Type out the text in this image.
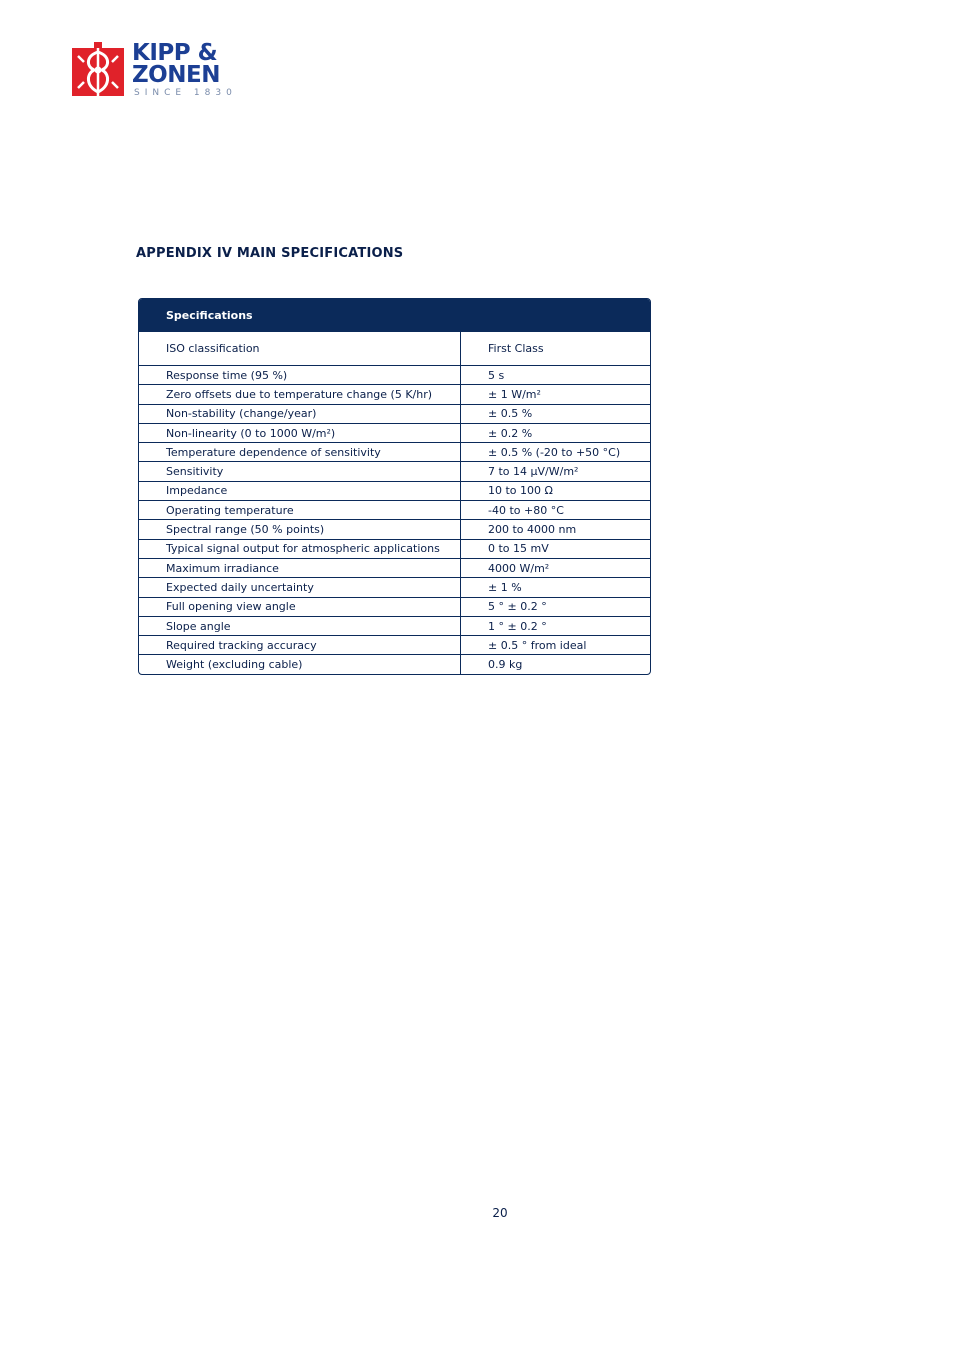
KIPP &
ZONEN
SINCE 1830
APPENDIX IV MAIN SPECIFICATIONS
Specifications
ISO classification	First Class
Response time (95 %)	5 s
Zero offsets due to temperature change (5 K/hr)	± 1 W/m²
Non-stability (change/year)	± 0.5 %
Non-linearity (0 to 1000 W/m²)	± 0.2 %
Temperature dependence of sensitivity	± 0.5 % (-20 to +50 °C)
Sensitivity	7 to 14 µV/W/m²
Impedance	10 to 100 Ω
Operating temperature	-40 to +80 °C
Spectral range (50 % points)	200 to 4000 nm
Typical signal output for atmospheric applications	0 to 15 mV
Maximum irradiance	4000 W/m²
Expected daily uncertainty	± 1 %
Full opening view angle	5 ° ± 0.2 °
Slope angle	1 ° ± 0.2 °
Required tracking accuracy	± 0.5 ° from ideal
Weight (excluding cable)	0.9 kg
20
